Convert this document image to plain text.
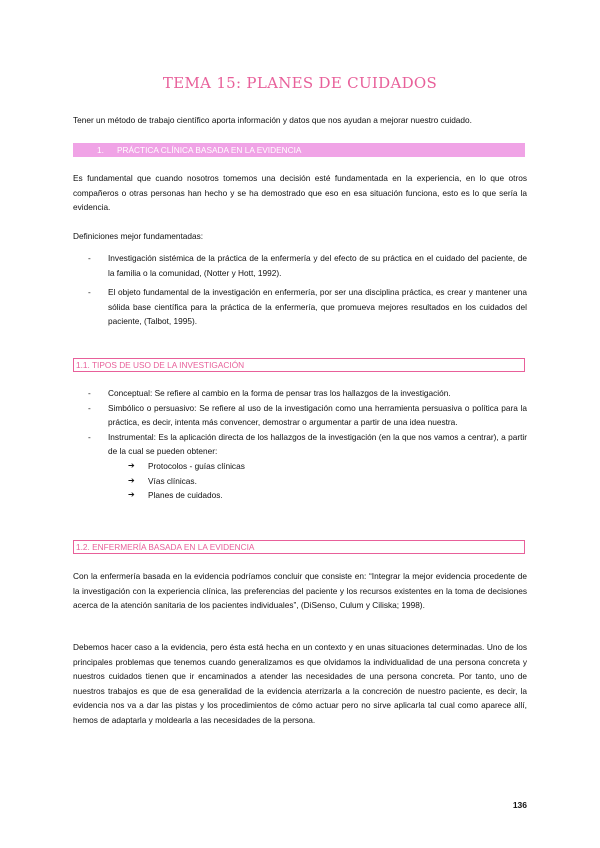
TEMA 15: PLANES DE CUIDADOS

Tener un método de trabajo científico aporta información y datos que nos ayudan a mejorar nuestro cuidado.

1. PRÁCTICA CLÍNICA BASADA EN LA EVIDENCIA

Es fundamental que cuando nosotros tomemos una decisión esté fundamentada en la experiencia, en lo que otros compañeros o otras personas han hecho y se ha demostrado que eso en esa situación funciona, esto es lo que sería la evidencia.

Definiciones mejor fundamentadas:

- Investigación sistémica de la práctica de la enfermería y del efecto de su práctica en el cuidado del paciente, de la familia o la comunidad, (Notter y Hott, 1992).
- El objeto fundamental de la investigación en enfermería, por ser una disciplina práctica, es crear y mantener una sólida base científica para la práctica de la enfermería, que promueva mejores resultados en los cuidados del paciente, (Talbot, 1995).
1.1. TIPOS DE USO DE LA INVESTIGACIÓN
- Conceptual: Se refiere al cambio en la forma de pensar tras los hallazgos de la investigación.
- Simbólico o persuasivo: Se refiere al uso de la investigación como una herramienta persuasiva o política para la práctica, es decir, intenta más convencer, demostrar o argumentar a partir de una idea nuestra.
- Instrumental: Es la aplicación directa de los hallazgos de la investigación (en la que nos vamos a centrar), a partir de la cual se pueden obtener:
➔ Protocolos - guías clínicas
➔ Vías clínicas.
➔ Planes de cuidados.
1.2. ENFERMERÍA BASADA EN LA EVIDENCIA

Con la enfermería basada en la evidencia podríamos concluir que consiste en: “Integrar la mejor evidencia procedente de la investigación con la experiencia clínica, las preferencias del paciente y los recursos existentes en la toma de decisiones acerca de la atención sanitaria de los pacientes individuales”, (DiSenso, Culum y Ciliska; 1998).

Debemos hacer caso a la evidencia, pero ésta está hecha en un contexto y en unas situaciones determinadas. Uno de los principales problemas que tenemos cuando generalizamos es que olvidamos la individualidad de una persona concreta y nuestros cuidados tienen que ir encaminados a atender las necesidades de una persona concreta. Por tanto, uno de nuestros trabajos es que de esa generalidad de la evidencia aterrizarla a la concreción de nuestro paciente, es decir, la evidencia nos va a dar las pistas y los procedimientos de cómo actuar pero no sirve aplicarla tal cual como aparece allí, hemos de adaptarla y moldearla a las necesidades de la persona.

136
